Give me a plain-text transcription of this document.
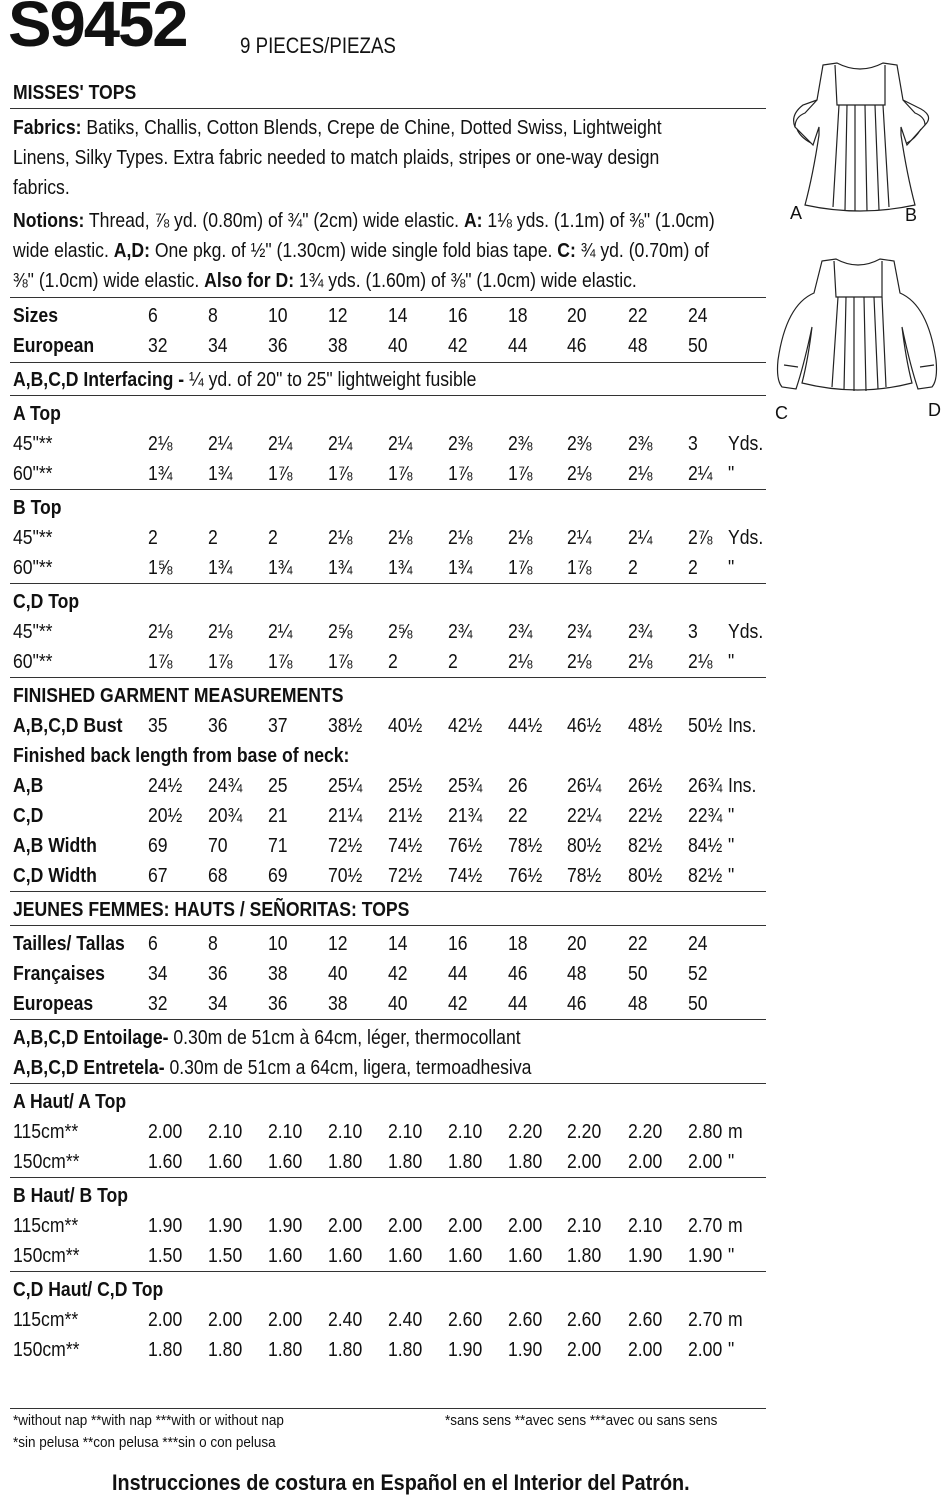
S9452 9 PIECES/PIEZAS
MISSES' TOPS
Fabrics: Batiks, Challis, Cotton Blends, Crepe de Chine, Dotted Swiss, Lightweight
Linens, Silky Types. Extra fabric needed to match plaids, stripes or one-way design
fabrics.
Notions: Thread, ⅞ yd. (0.80m) of ¾" (2cm) wide elastic. A: 1⅛ yds. (1.1m) of ⅜" (1.0cm)
wide elastic. A,D: One pkg. of ½" (1.30cm) wide single fold bias tape. C: ¾ yd. (0.70m) of
⅜" (1.0cm) wide elastic. Also for D: 1¾ yds. (1.60m) of ⅜" (1.0cm) wide elastic.
Sizes	6	8	10 12 14 16 18 20 22 24
European	32 34 36 38 40 42 44 46 48 50
A,B,C,D Interfacing - ¼ yd. of 20" to 25" lightweight fusible
A Top
45"**	2⅛ 2¼ 2¼ 2¼ 2¼ 2⅜ 2⅜ 2⅜ 2⅜ 3 Yds.
60"**	1¾ 1¾ 1⅞ 1⅞ 1⅞ 1⅞ 1⅞ 2⅛ 2⅛ 2¼ "
B Top
45"**	2	2	2	2⅛ 2⅛ 2⅛ 2⅛ 2¼ 2¼ 2⅞ Yds.
60"**	1⅝ 1¾ 1¾ 1¾ 1¾ 1¾ 1⅞ 1⅞ 2	2 "
C,D Top
45"**	2⅛ 2⅛ 2¼ 2⅝ 2⅝ 2¾ 2¾ 2¾ 2¾ 3 Yds.
60"**	1⅞ 1⅞ 1⅞ 1⅞ 2	2	2⅛ 2⅛ 2⅛ 2⅛ "
FINISHED GARMENT MEASUREMENTS
A,B,C,D Bust 35 36 37 38½ 40½ 42½ 44½ 46½ 48½ 50½ Ins.
Finished back length from base of neck:
A,B	24½ 24¾ 25 25¼ 25½ 25¾ 26 26¼ 26½ 26¾ Ins.
C,D	20½ 20¾ 21 21¼ 21½ 21¾ 22 22¼ 22½ 22¾ "
A,B Width	69 70 71 72½ 74½ 76½ 78½ 80½ 82½ 84½ "
C,D Width	67 68 69 70½ 72½ 74½ 76½ 78½ 80½ 82½ "
JEUNES FEMMES: HAUTS / SEÑORITAS: TOPS
Tailles/ Tallas 6	8	10 12 14 16 18 20 22 24
Françaises 34 36 38 40 42 44 46 48 50 52
Europeas	32 34 36 38 40 42 44 46 48 50
A,B,C,D Entoilage- 0.30m de 51cm à 64cm, léger, thermocollant
A,B,C,D Entretela- 0.30m de 51cm a 64cm, ligera, termoadhesiva
A Haut/ A Top
115cm**	2.00 2.10 2.10 2.10 2.10 2.10 2.20 2.20 2.20 2.80 m
150cm**	1.60 1.60 1.60 1.80 1.80 1.80 1.80 2.00 2.00 2.00 "
B Haut/ B Top
115cm**	1.90 1.90 1.90 2.00 2.00 2.00 2.00 2.10 2.10 2.70 m
150cm**	1.50 1.50 1.60 1.60 1.60 1.60 1.60 1.80 1.90 1.90 "
C,D Haut/ C,D Top
115cm**	2.00 2.00 2.00 2.40 2.40 2.60 2.60 2.60 2.60 2.70 m
150cm**	1.80 1.80 1.80 1.80 1.80 1.90 1.90 2.00 2.00 2.00 "
*without nap **with nap ***with or without nap
*sin pelusa **con pelusa ***sin o con pelusa
*sans sens **avec sens ***avec ou sans sens
Instrucciones de costura en Español en el Interior del Patrón.
A	B
C	D
